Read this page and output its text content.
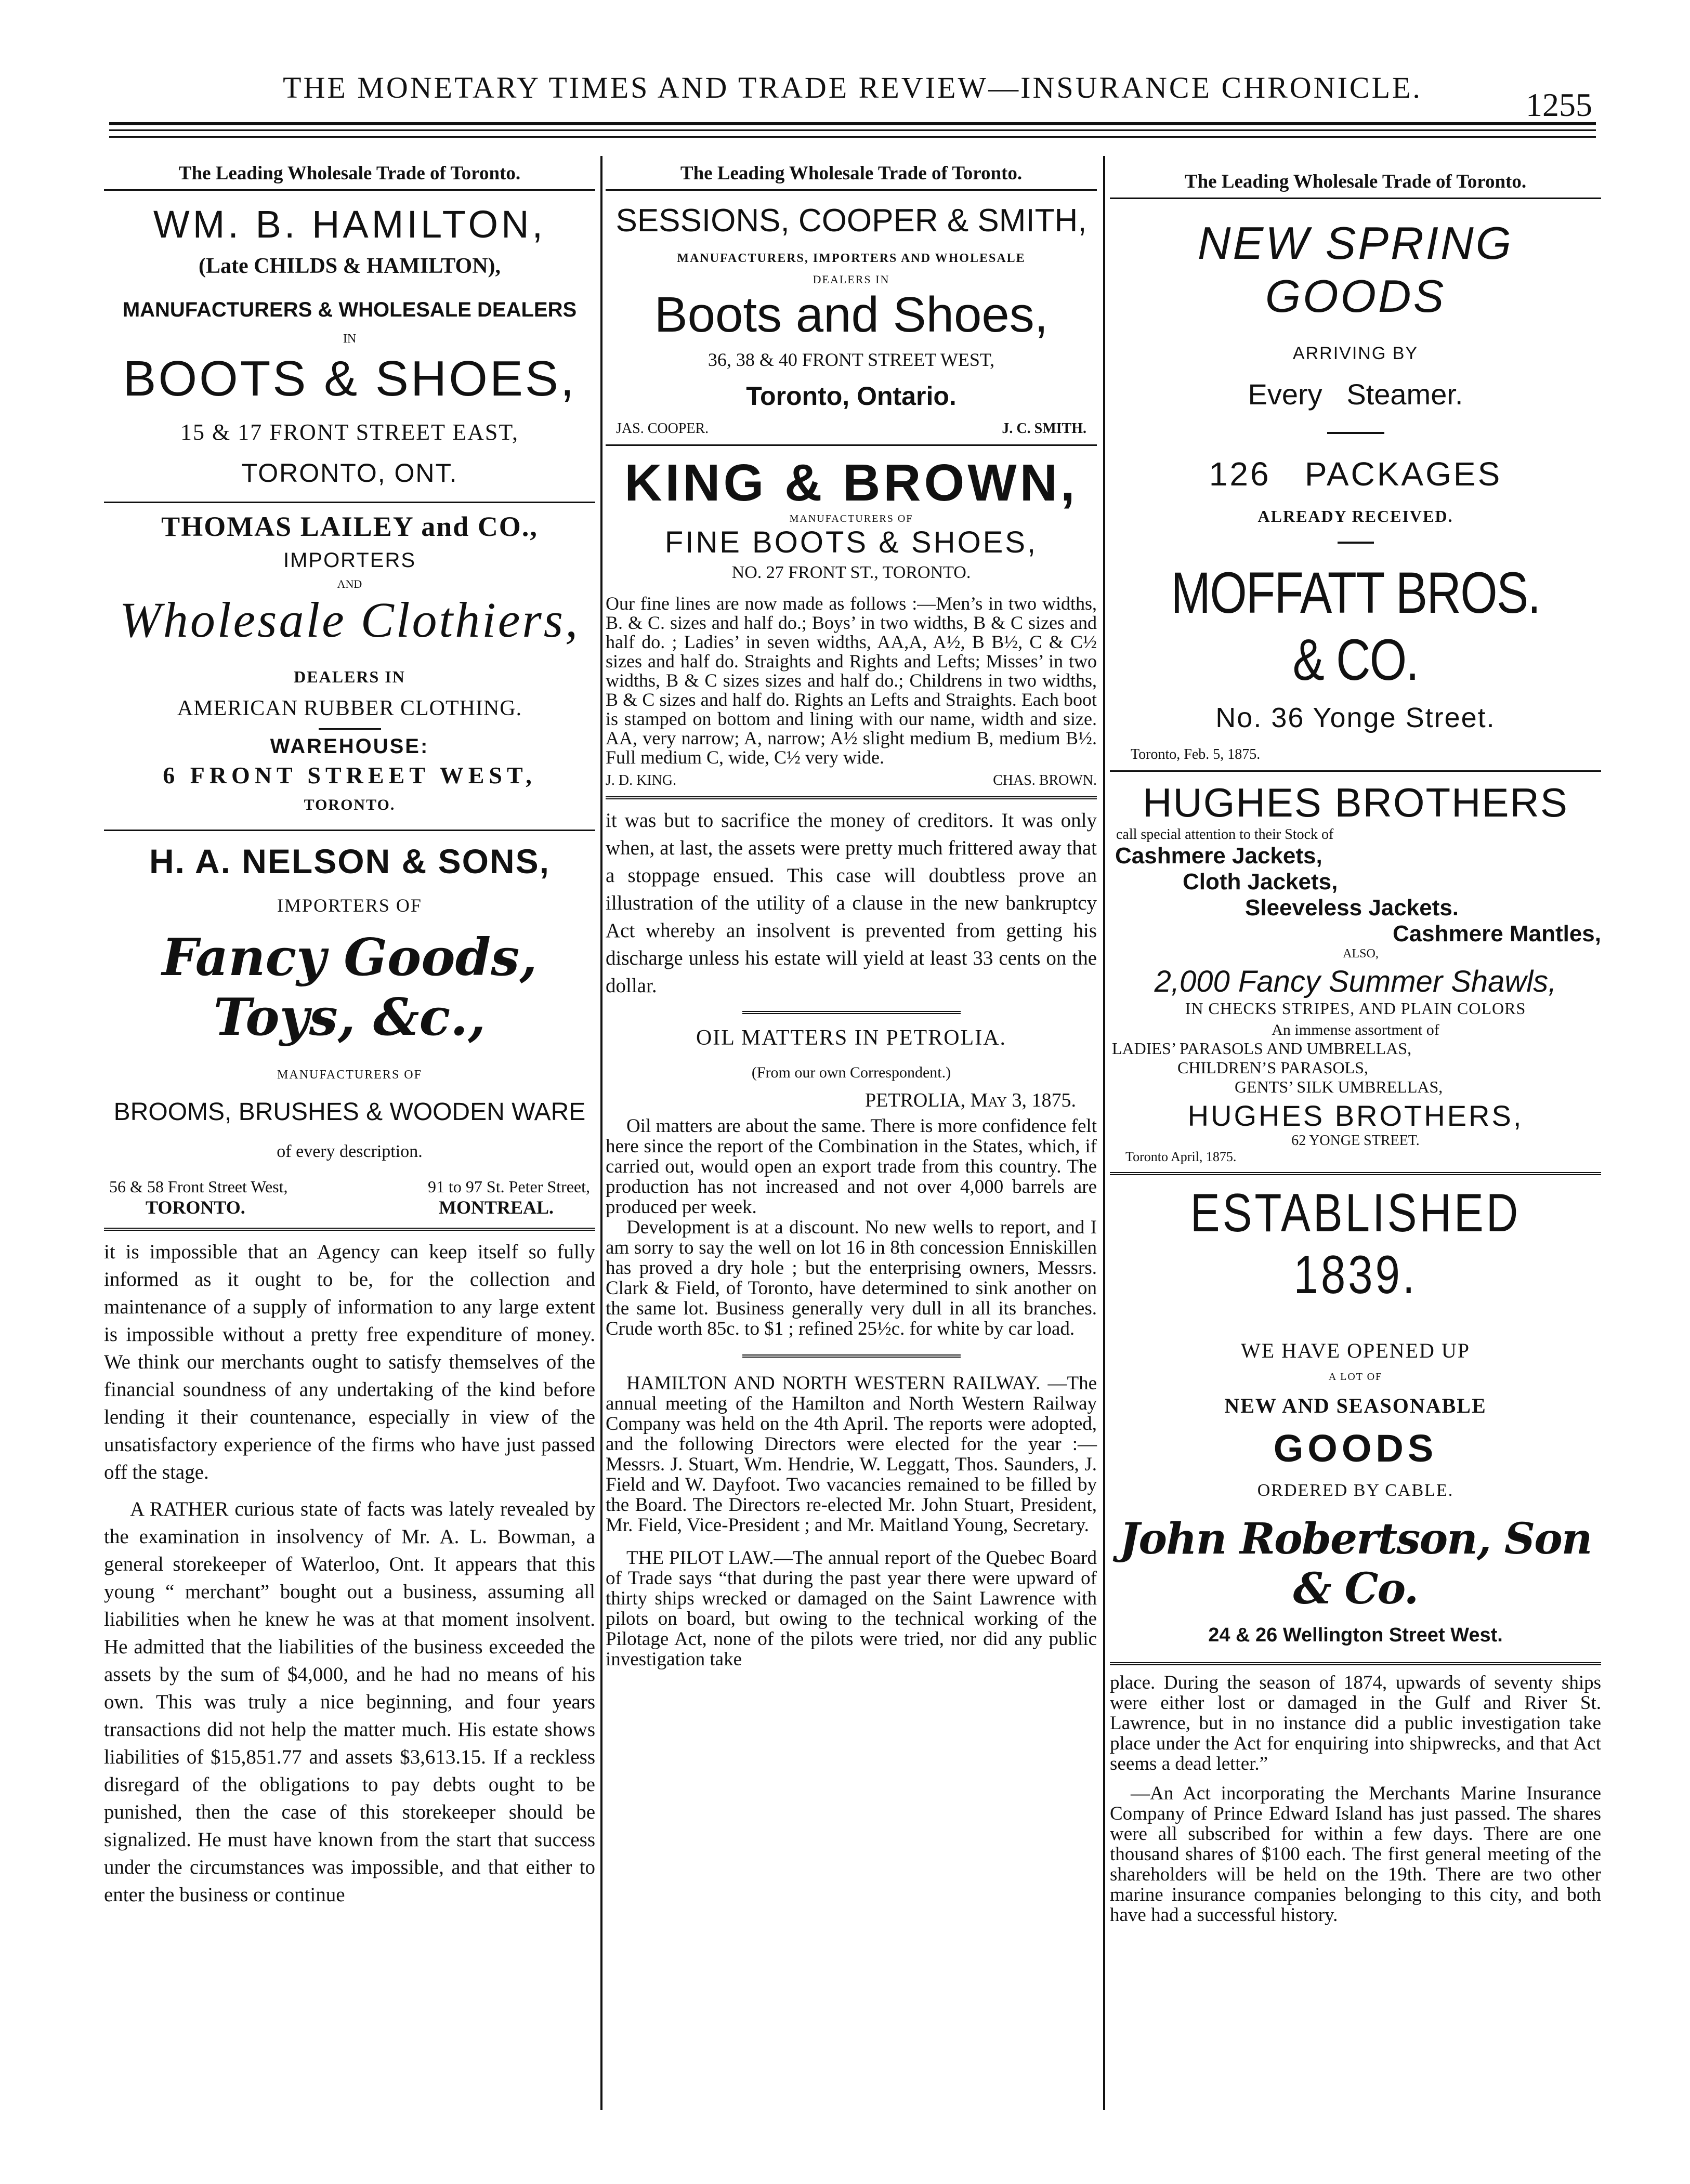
THE MONETARY TIMES AND TRADE REVIEW—INSURANCE CHRONICLE.	1255
The Leading Wholesale Trade of Toronto.
WM. B. HAMILTON,
(Late CHILDS & HAMILTON),
MANUFACTURERS & WHOLESALE DEALERS
IN
BOOTS & SHOES,
15 & 17 FRONT STREET EAST,
TORONTO, ONT.
THOMAS LAILEY and CO.,
IMPORTERS
AND
Wholesale Clothiers,
DEALERS IN
AMERICAN RUBBER CLOTHING.
WAREHOUSE:
6 FRONT STREET WEST,
TORONTO.
H. A. NELSON & SONS,
IMPORTERS OF
Fancy Goods, Toys, &c.,
MANUFACTURERS OF
BROOMS, BRUSHES & WOODEN WARE
of every description.
56 & 58 Front Street West,	91 to 97 St. Peter Street,
TORONTO.	MONTREAL.

it is impossible that an Agency can keep itself so fully informed as it ought to be, for the collection and maintenance of a supply of information to any large extent is impossible without a pretty free expenditure of money. We think our merchants ought to satisfy themselves of the financial soundness of any undertaking of the kind before lending it their countenance, especially in view of the unsatisfactory experience of the firms who have just passed off the stage.

A RATHER curious state of facts was lately revealed by the examination in insolvency of Mr. A. L. Bowman, a general storekeeper of Waterloo, Ont. It appears that this young “ merchant” bought out a business, assuming all liabilities when he knew he was at that moment insolvent. He admitted that the liabilities of the business exceeded the assets by the sum of $4,000, and he had no means of his own. This was truly a nice beginning, and four years transactions did not help the matter much. His estate shows liabilities of $15,851.77 and assets $3,613.15. If a reckless disregard of the obligations to pay debts ought to be punished, then the case of this storekeeper should be signalized. He must have known from the start that success under the circumstances was impossible, and that either to enter the business or continue

The Leading Wholesale Trade of Toronto.
SESSIONS, COOPER & SMITH,
MANUFACTURERS, IMPORTERS AND WHOLESALE
DEALERS IN
Boots and Shoes,
36, 38 & 40 FRONT STREET WEST,
Toronto, Ontario.
JAS. COOPER.	J. C. SMITH.
KING & BROWN,
MANUFACTURERS OF
FINE BOOTS & SHOES,
NO. 27 FRONT ST., TORONTO.
Our fine lines are now made as follows :—Men’s in two widths, B. & C. sizes and half do.; Boys’ in two widths, B & C sizes and half do. ; Ladies’ in seven widths, AA,A, A½, B B½, C & C½ sizes and half do. Straights and Rights and Lefts; Misses’ in two widths, B & C sizes sizes and half do.; Childrens in two widths, B & C sizes and half do. Rights an Lefts and Straights. Each boot is stamped on bottom and lining with our name, width and size. AA, very narrow; A, narrow; A½ slight medium B, medium B½. Full medium C, wide, C½ very wide.
J. D. KING.	CHAS. BROWN.

it was but to sacrifice the money of creditors. It was only when, at last, the assets were pretty much frittered away that a stoppage ensued. This case will doubtless prove an illustration of the utility of a clause in the new bankruptcy Act whereby an insolvent is prevented from getting his discharge unless his estate will yield at least 33 cents on the dollar.

OIL MATTERS IN PETROLIA.
(From our own Correspondent.)
PETROLIA, May 3, 1875.

Oil matters are about the same. There is more confidence felt here since the report of the Combination in the States, which, if carried out, would open an export trade from this country. The production has not increased and not over 4,000 barrels are produced per week.

Development is at a discount. No new wells to report, and I am sorry to say the well on lot 16 in 8th concession Enniskillen has proved a dry hole ; but the enterprising owners, Messrs. Clark & Field, of Toronto, have determined to sink another on the same lot. Business generally very dull in all its branches. Crude worth 85c. to $1 ; refined 25½c. for white by car load.

HAMILTON AND NORTH WESTERN RAILWAY. —The annual meeting of the Hamilton and North Western Railway Company was held on the 4th April. The reports were adopted, and the following Directors were elected for the year :—Messrs. J. Stuart, Wm. Hendrie, W. Leggatt, Thos. Saunders, J. Field and W. Dayfoot. Two vacancies remained to be filled by the Board. The Directors re-elected Mr. John Stuart, President, Mr. Field, Vice-President ; and Mr. Maitland Young, Secretary.

THE PILOT LAW.—The annual report of the Quebec Board of Trade says “that during the past year there were upward of thirty ships wrecked or damaged on the Saint Lawrence with pilots on board, but owing to the technical working of the Pilotage Act, none of the pilots were tried, nor did any public investigation take

The Leading Wholesale Trade of Toronto.
NEW SPRING GOODS
ARRIVING BY
Every   Steamer.
126   PACKAGES
ALREADY RECEIVED.
MOFFATT BROS. & CO.
No. 36 Yonge Street.
Toronto, Feb. 5, 1875.
HUGHES BROTHERS
call special attention to their Stock of
Cashmere Jackets,
Cloth Jackets,
Sleeveless Jackets.
Cashmere Mantles,
ALSO,
2,000 Fancy Summer Shawls,
IN CHECKS STRIPES, AND PLAIN COLORS
An immense assortment of
LADIES’ PARASOLS AND UMBRELLAS,
CHILDREN’S PARASOLS,
GENTS’ SILK UMBRELLAS,
HUGHES BROTHERS,
62 YONGE STREET.
Toronto April, 1875.
ESTABLISHED 1839.
WE HAVE OPENED UP
A LOT OF
NEW AND SEASONABLE
GOODS
ORDERED BY CABLE.
John Robertson, Son & Co.
24 & 26 Wellington Street West.

place. During the season of 1874, upwards of seventy ships were either lost or damaged in the Gulf and River St. Lawrence, but in no instance did a public investigation take place under the Act for enquiring into shipwrecks, and that Act seems a dead letter.”

—An Act incorporating the Merchants Marine Insurance Company of Prince Edward Island has just passed. The shares were all subscribed for within a few days. There are one thousand shares of $100 each. The first general meeting of the shareholders will be held on the 19th. There are two other marine insurance companies belonging to this city, and both have had a successful history.
